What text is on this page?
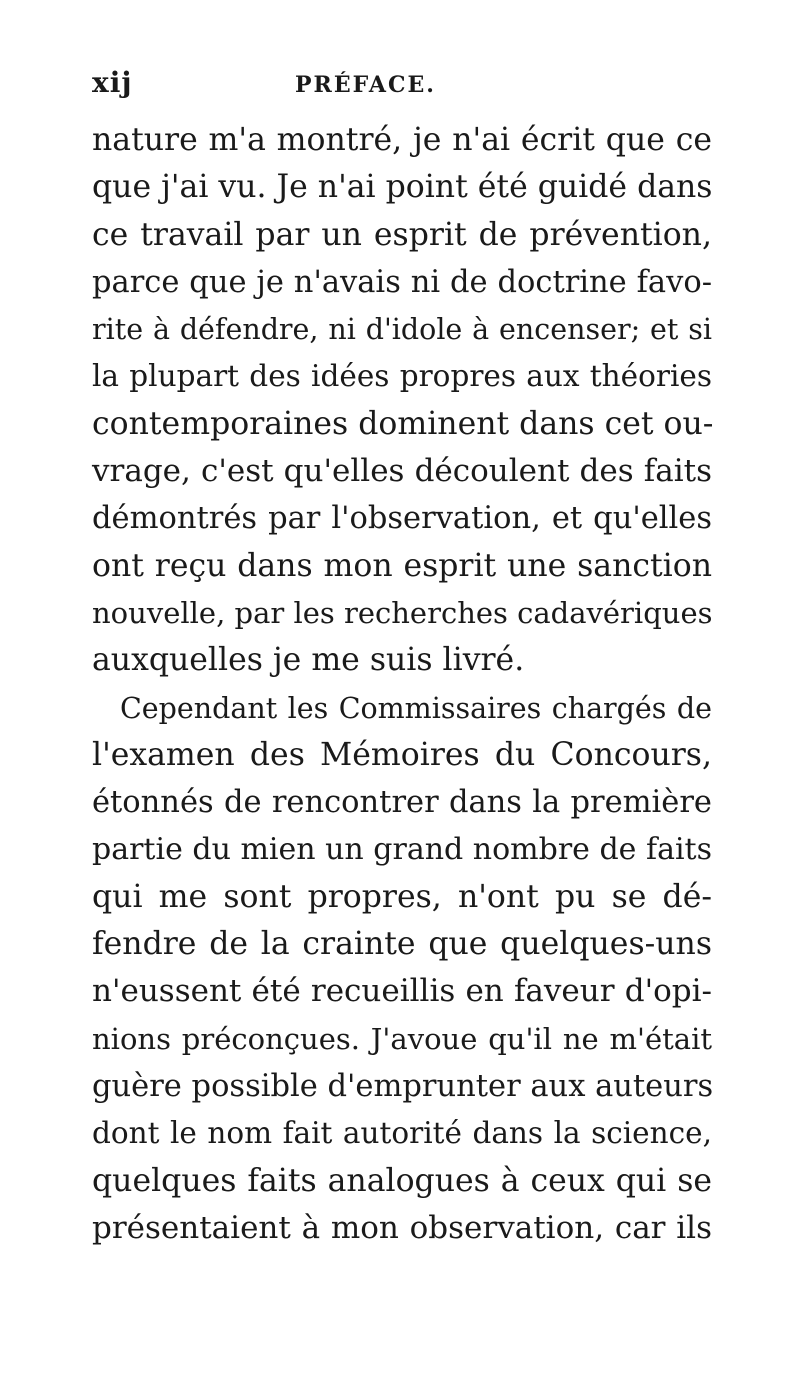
xij	PRÉFACE.
nature m'a montré, je n'ai écrit que ce
que j'ai vu. Je n'ai point été guidé dans
ce travail par un esprit de prévention,
parce que je n'avais ni de doctrine favo-
rite à défendre, ni d'idole à encenser; et si
la plupart des idées propres aux théories
contemporaines dominent dans cet ou-
vrage, c'est qu'elles découlent des faits
démontrés par l'observation, et qu'elles
ont reçu dans mon esprit une sanction
nouvelle, par les recherches cadavériques
auxquelles je me suis livré.
Cependant les Commissaires chargés de
l'examen des Mémoires du Concours,
étonnés de rencontrer dans la première
partie du mien un grand nombre de faits
qui me sont propres, n'ont pu se dé-
fendre de la crainte que quelques-uns
n'eussent été recueillis en faveur d'opi-
nions préconçues. J'avoue qu'il ne m'était
guère possible d'emprunter aux auteurs
dont le nom fait autorité dans la science,
quelques faits analogues à ceux qui se
présentaient à mon observation, car ils
